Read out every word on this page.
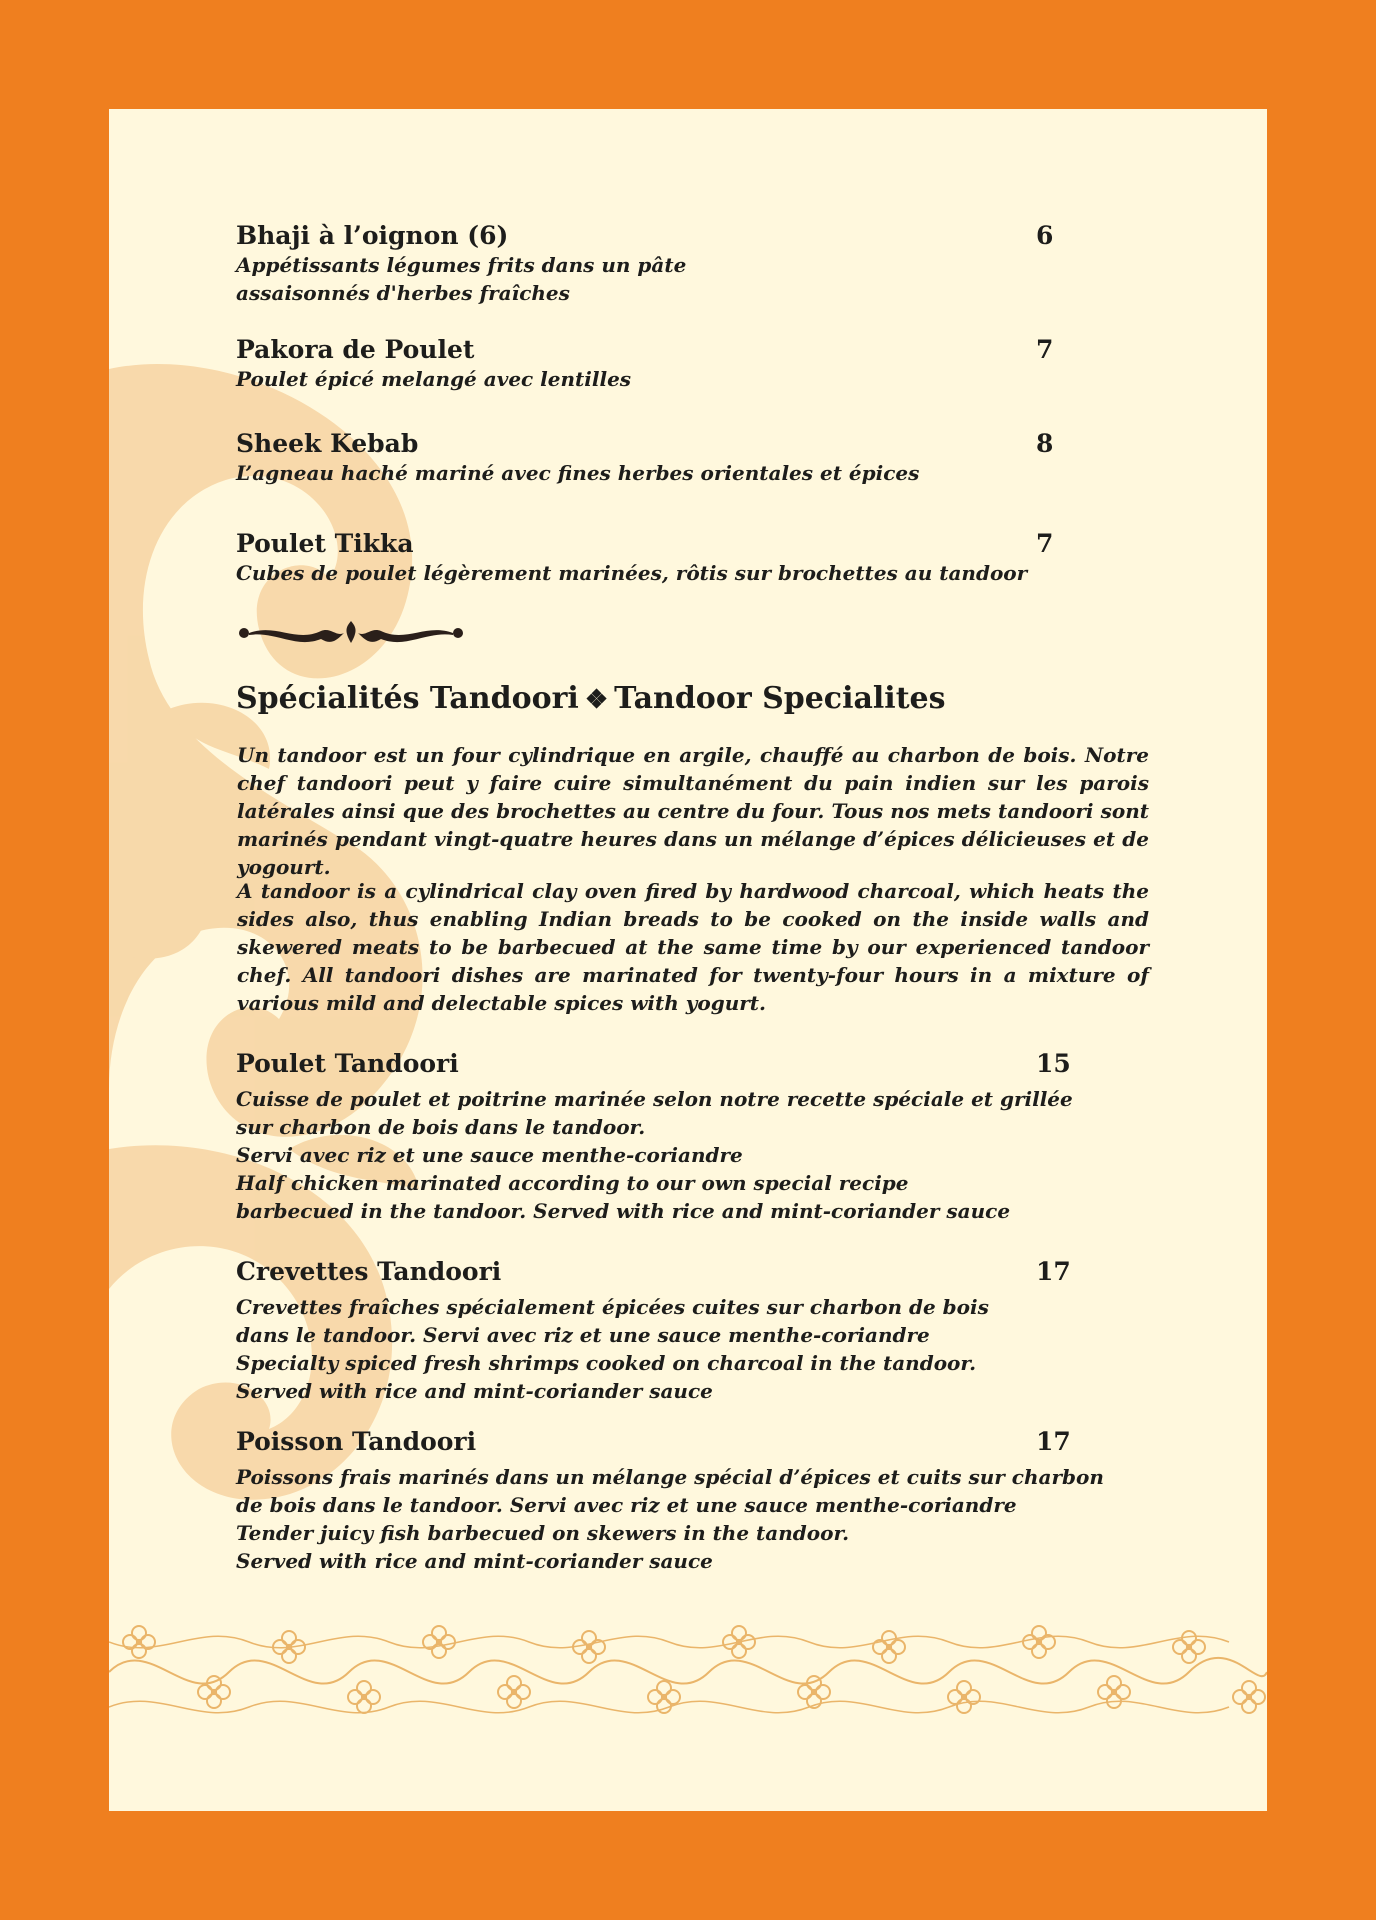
Bhaji à l’oignon (6)	6
Appétissants légumes frits dans un pâte
assaisonnés d'herbes fraîches
Pakora de Poulet	7
Poulet épicé melangé avec lentilles
Sheek Kebab	8
L’agneau haché mariné avec fines herbes orientales et épices
Poulet Tikka	7
Cubes de poulet légèrement marinées, rôtis sur brochettes au tandoor
Spécialités Tandoori ❖ Tandoor Specialites
Un tandoor est un four cylindrique en argile, chauffé au charbon de bois. Notre chef tandoori peut y faire cuire simultanément du pain indien sur les parois latérales ainsi que des brochettes au centre du four. Tous nos mets tandoori sont marinés pendant vingt-quatre heures dans un mélange d’épices délicieuses et de yogourt.
A tandoor is a cylindrical clay oven fired by hardwood charcoal, which heats the sides also, thus enabling Indian breads to be cooked on the inside walls and skewered meats to be barbecued at the same time by our experienced tandoor chef. All tandoori dishes are marinated for twenty-four hours in a mixture of various mild and delectable spices with yogurt.
Poulet Tandoori	15
Cuisse de poulet et poitrine marinée selon notre recette spéciale et grillée
sur charbon de bois dans le tandoor.
Servi avec riz et une sauce menthe-coriandre
Half chicken marinated according to our own special recipe
barbecued in the tandoor. Served with rice and mint-coriander sauce
Crevettes Tandoori	17
Crevettes fraîches spécialement épicées cuites sur charbon de bois
dans le tandoor. Servi avec riz et une sauce menthe-coriandre
Specialty spiced fresh shrimps cooked on charcoal in the tandoor.
Served with rice and mint-coriander sauce
Poisson Tandoori	17
Poissons frais marinés dans un mélange spécial d’épices et cuits sur charbon
de bois dans le tandoor. Servi avec riz et une sauce menthe-coriandre
Tender juicy fish barbecued on skewers in the tandoor.
Served with rice and mint-coriander sauce
